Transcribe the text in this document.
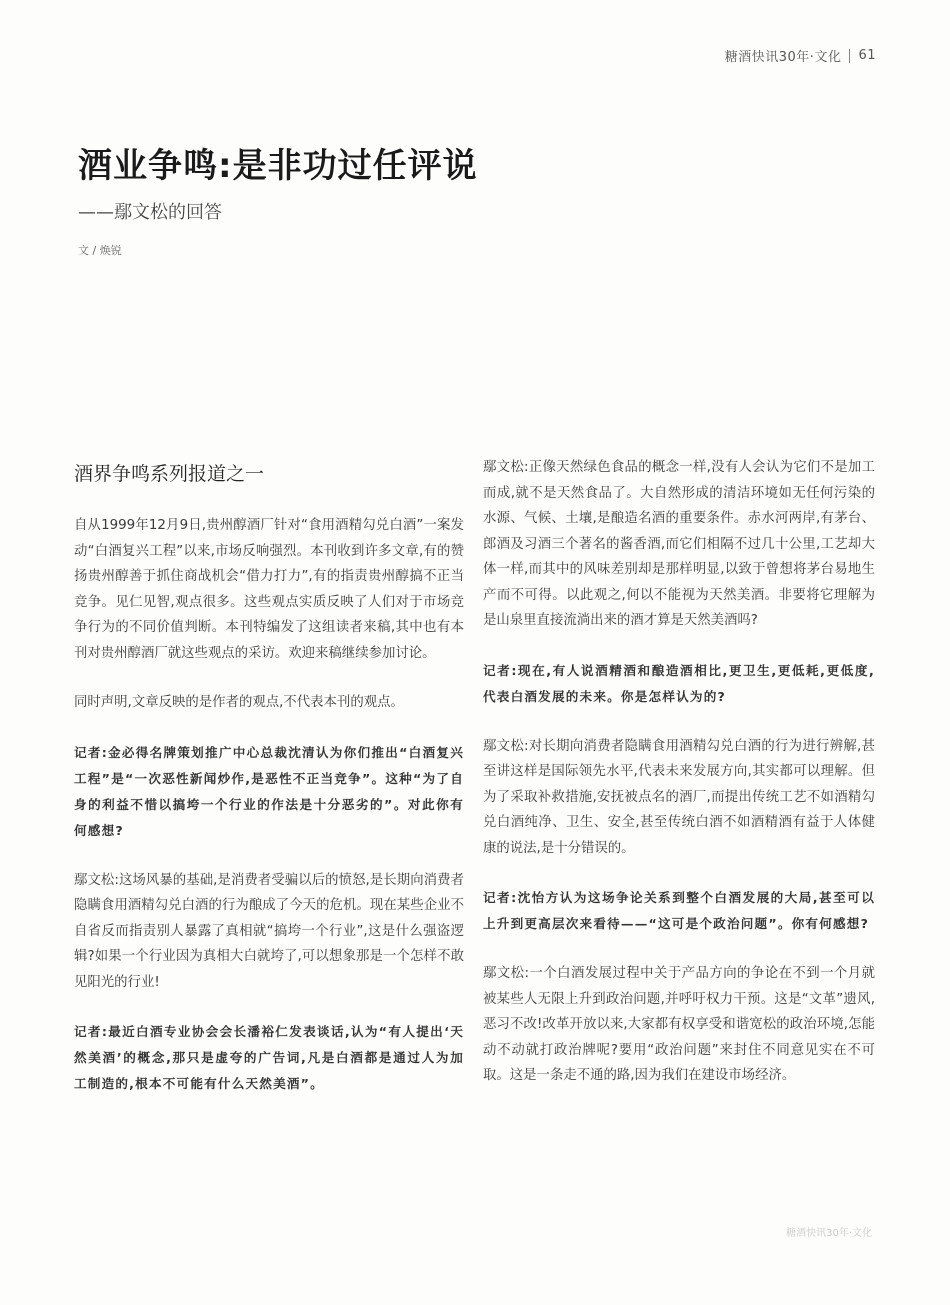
糖酒快讯30年·文化 61
酒业争鸣:是非功过任评说
——鄢文松的回答
文 / 焕锐
酒界争鸣系列报道之一

自从1999年12月9日,贵州醇酒厂针对“食用酒精勾兑白酒”一案发动“白酒复兴工程”以来,市场反响强烈。本刊收到许多文章,有的赞扬贵州醇善于抓住商战机会“借力打力”,有的指责贵州醇搞不正当竞争。见仁见智,观点很多。这些观点实质反映了人们对于市场竞争行为的不同价值判断。本刊特编发了这组读者来稿,其中也有本刊对贵州醇酒厂就这些观点的采访。欢迎来稿继续参加讨论。

同时声明,文章反映的是作者的观点,不代表本刊的观点。

记者:金必得名牌策划推广中心总裁沈清认为你们推出“白酒复兴工程”是“一次恶性新闻炒作,是恶性不正当竞争”。这种“为了自身的利益不惜以搞垮一个行业的作法是十分恶劣的”。对此你有何感想?

鄢文松:这场风暴的基础,是消费者受骗以后的愤怒,是长期向消费者隐瞒食用酒精勾兑白酒的行为酿成了今天的危机。现在某些企业不自省反而指责别人暴露了真相就“搞垮一个行业”,这是什么强盗逻辑?如果一个行业因为真相大白就垮了,可以想象那是一个怎样不敢见阳光的行业!

记者:最近白酒专业协会会长潘裕仁发表谈话,认为“有人提出‘天然美酒’的概念,那只是虚夸的广告词,凡是白酒都是通过人为加工制造的,根本不可能有什么天然美酒”。

鄢文松:正像天然绿色食品的概念一样,没有人会认为它们不是加工而成,就不是天然食品了。大自然形成的清洁环境如无任何污染的水源、气候、土壤,是酿造名酒的重要条件。赤水河两岸,有茅台、郎酒及习酒三个著名的酱香酒,而它们相隔不过几十公里,工艺却大体一样,而其中的风味差别却是那样明显,以致于曾想将茅台易地生产而不可得。以此观之,何以不能视为天然美酒。非要将它理解为是山泉里直接流淌出来的酒才算是天然美酒吗?

记者:现在,有人说酒精酒和酿造酒相比,更卫生,更低耗,更低度,代表白酒发展的未来。你是怎样认为的?

鄢文松:对长期向消费者隐瞒食用酒精勾兑白酒的行为进行辨解,甚至讲这样是国际领先水平,代表未来发展方向,其实都可以理解。但为了采取补救措施,安抚被点名的酒厂,而提出传统工艺不如酒精勾兑白酒纯净、卫生、安全,甚至传统白酒不如酒精酒有益于人体健康的说法,是十分错误的。

记者:沈怡方认为这场争论关系到整个白酒发展的大局,甚至可以上升到更高层次来看待——“这可是个政治问题”。你有何感想?

鄢文松:一个白酒发展过程中关于产品方向的争论在不到一个月就被某些人无限上升到政治问题,并呼吁权力干预。这是“文革”遗风,恶习不改!改革开放以来,大家都有权享受和谐宽松的政治环境,怎能动不动就打政治牌呢?要用“政治问题”来封住不同意见实在不可取。这是一条走不通的路,因为我们在建设市场经济。

糖酒快讯30年·文化
